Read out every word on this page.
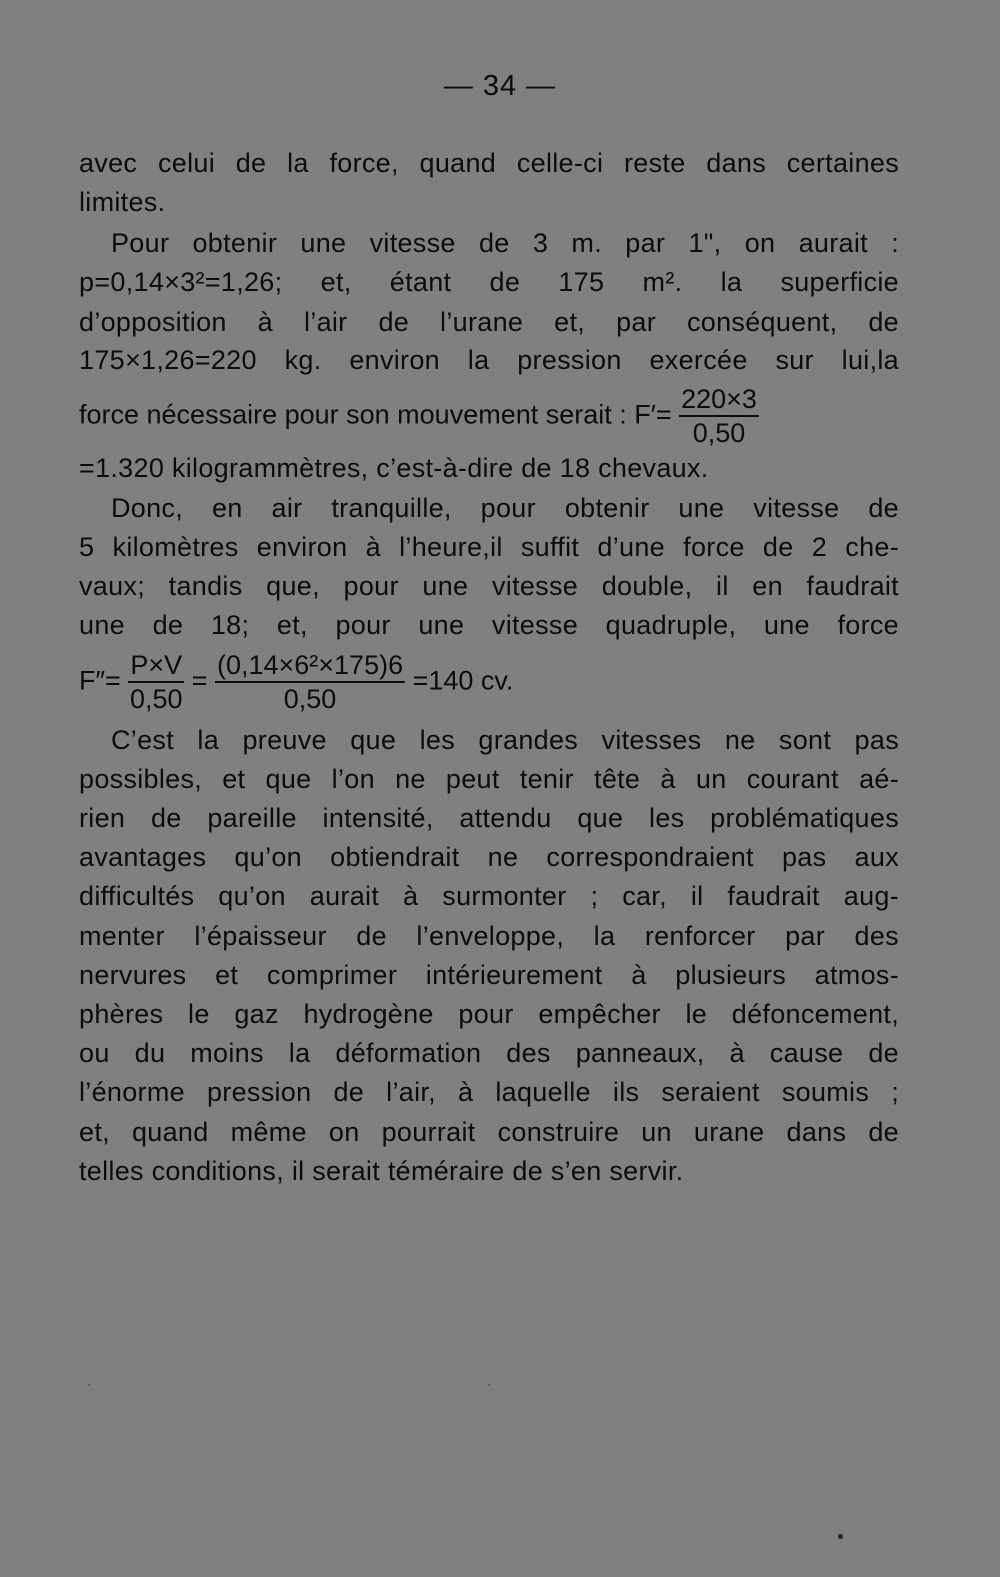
— 34 —
avec celui de la force, quand celle-ci reste dans certaines
limites.
Pour obtenir une vitesse de 3 m. par 1", on aurait :
p=0,14×3²=1,26; et, étant de 175 m². la superficie
d’opposition à l’air de l’urane et, par conséquent, de
175×1,26=220 kg. environ la pression exercée sur lui,la
force nécessaire pour son mouvement serait : $F'= \frac{220\times 3}{0,50}$
=1.320 kilogrammètres, c’est-à-dire de 18 chevaux.
Donc, en air tranquille, pour obtenir une vitesse de
5 kilomètres environ à l’heure,il suffit d’une force de 2 che-
vaux; tandis que, pour une vitesse double, il en faudrait
une de 18; et, pour une vitesse quadruple, une force
$F''= \frac{P\times V}{0,50} = \frac{\text{(0,14×6²×175)6}}{0,50} =140$ cv.
C’est la preuve que les grandes vitesses ne sont pas
possibles, et que l’on ne peut tenir tête à un courant aé-
rien de pareille intensité, attendu que les problématiques
avantages qu’on obtiendrait ne correspondraient pas aux
difficultés qu’on aurait à surmonter ; car, il faudrait aug-
menter l’épaisseur de l’enveloppe, la renforcer par des
nervures et comprimer intérieurement à plusieurs atmos-
phères le gaz hydrogène pour empêcher le défoncement,
ou du moins la déformation des panneaux, à cause de
l’énorme pression de l’air, à laquelle ils seraient soumis ;
et, quand même on pourrait construire un urane dans de
telles conditions, il serait téméraire de s’en servir.
